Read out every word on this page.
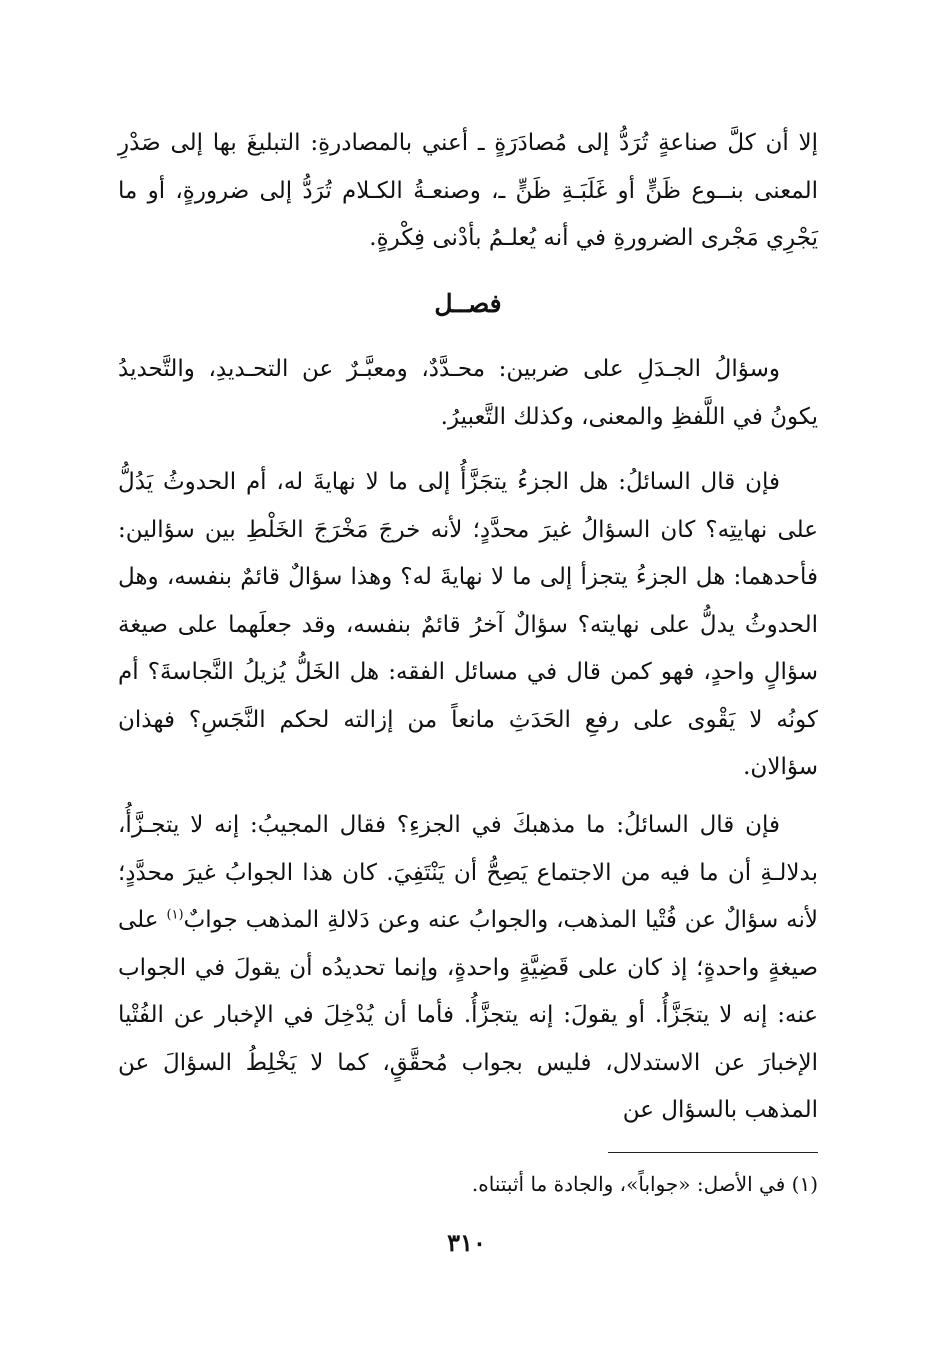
إلا أن كلَّ صناعةٍ تُرَدُّ إلى مُصادَرَةٍ ـ أعني بالمصادرةِ: التبليغَ بها إلى صَدْرِ المعنى بنــوع ظَنٍّ أو غَلَبَـةِ ظَنٍّ ـ، وصنعـةُ الكـلام تُرَدُّ إلى ضرورةٍ، أو ما يَجْرِي مَجْرى الضرورةِ في أنه يُعلـمُ بأدْنى فِكْرةٍ.

فصــل

وسؤالُ الجـدَلِ على ضربين: محـدَّدٌ، ومعبَّـرٌ عن التحـديدِ، والتَّحديدُ يكونُ في اللَّفظِ والمعنى، وكذلك التَّعبيرُ.

فإن قال السائلُ: هل الجزءُ يتجَزَّأُ إلى ما لا نهايةَ له، أم الحدوثُ يَدُلُّ على نهايتِه؟ كان السؤالُ غيرَ محدَّدٍ؛ لأنه خرجَ مَخْرَجَ الخَلْطِ بين سؤالين: فأحدهما: هل الجزءُ يتجزأ إلى ما لا نهايةَ له؟ وهذا سؤالٌ قائمٌ بنفسه، وهل الحدوثُ يدلُّ على نهايته؟ سؤالٌ آخرُ قائمٌ بنفسه، وقد جعلَهما على صيغة سؤالٍ واحدٍ، فهو كمن قال في مسائل الفقه: هل الخَلُّ يُزيلُ النَّجاسةَ؟ أم كونُه لا يَقْوى على رفعِ الحَدَثِ مانعاً من إزالته لحكم النَّجَسِ؟ فهذان سؤالان.

فإن قال السائلُ: ما مذهبكَ في الجزءِ؟ فقال المجيبُ: إنه لا يتجـزَّأُ، بدلالـةِ أن ما فيه من الاجتماع يَصِحُّ أن يَنْتَفِيَ. كان هذا الجوابُ غيرَ محدَّدٍ؛ لأنه سؤالٌ عن فُتْيا المذهب، والجوابُ عنه وعن دَلالةِ المذهب جوابٌ$^{(١)}$ على صيغةٍ واحدةٍ؛ إذ كان على قَضِيَّةٍ واحدةٍ، وإنما تحديدُه أن يقولَ في الجواب عنه: إنه لا يتجَزَّأُ. أو يقولَ: إنه يتجزَّأُ. فأما أن يُدْخِلَ في الإخبار عن الفُتْيا الإخبارَ عن الاستدلال، فليس بجواب مُحقَّقٍ، كما لا يَخْلِطُ السؤالَ عن المذهب بالسؤال عن

(١) في الأصل: «جواباً»، والجادة ما أثبتناه.
٣١٠
